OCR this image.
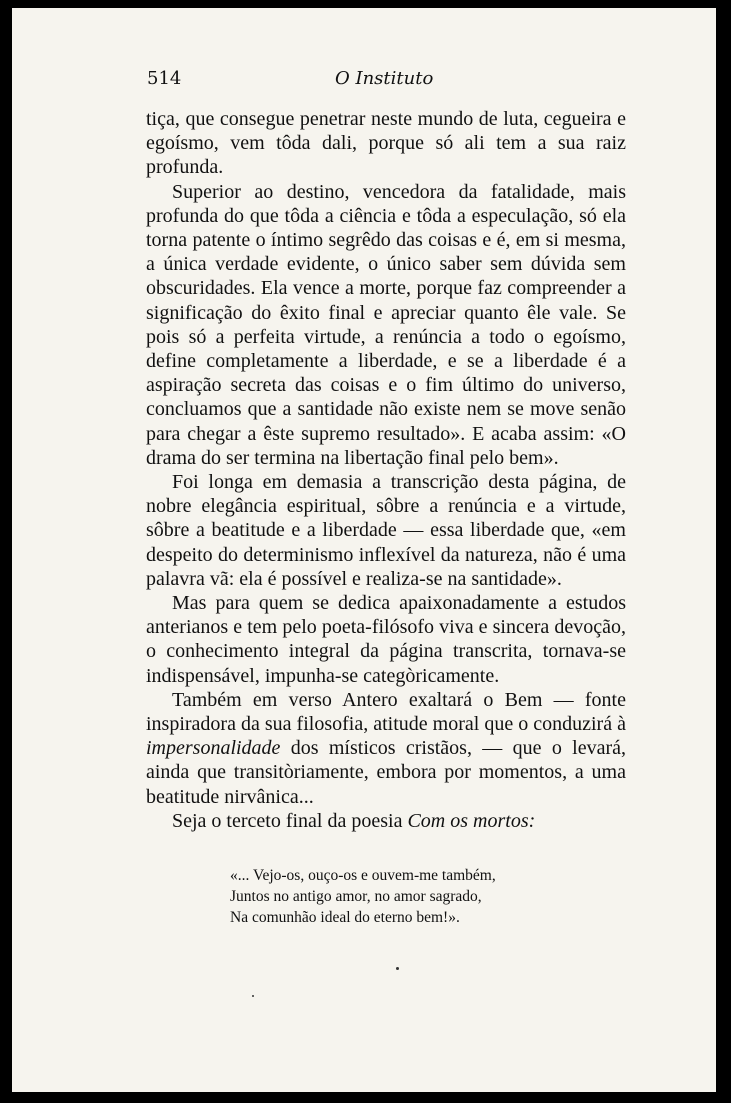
514	O Instituto

tiça, que consegue penetrar neste mundo de luta, cegueira e egoísmo, vem tôda dali, porque só ali tem a sua raiz profunda.

Superior ao destino, vencedora da fatalidade, mais profunda do que tôda a ciência e tôda a especulação, só ela torna patente o íntimo segrêdo das coisas e é, em si mesma, a única verdade evidente, o único saber sem dúvida sem obscuridades. Ela vence a morte, porque faz compreender a significação do êxito final e apreciar quanto êle vale. Se pois só a perfeita virtude, a renúncia a todo o egoísmo, define completamente a liberdade, e se a liberdade é a aspiração secreta das coisas e o fim último do universo, concluamos que a santidade não existe nem se move senão para chegar a êste supremo resultado». E acaba assim: «O drama do ser termina na libertação final pelo bem».

Foi longa em demasia a transcrição desta página, de nobre elegância espiritual, sôbre a renúncia e a virtude, sôbre a beatitude e a liberdade — essa liberdade que, «em despeito do determinismo inflexível da natureza, não é uma palavra vã: ela é possível e realiza-se na santidade».

Mas para quem se dedica apaixonadamente a estudos anterianos e tem pelo poeta-filósofo viva e sincera devoção, o conhecimento integral da página transcrita, tornava-se indispensável, impunha-se categòricamente.

Também em verso Antero exaltará o Bem — fonte inspiradora da sua filosofia, atitude moral que o conduzirá à impersonalidade dos místicos cristãos, — que o levará, ainda que transitòriamente, embora por momentos, a uma beatitude nirvânica...

Seja o terceto final da poesia Com os mortos:

«... Vejo-os, ouço-os e ouvem-me também,
Juntos no antigo amor, no amor sagrado,
Na comunhão ideal do eterno bem!».
